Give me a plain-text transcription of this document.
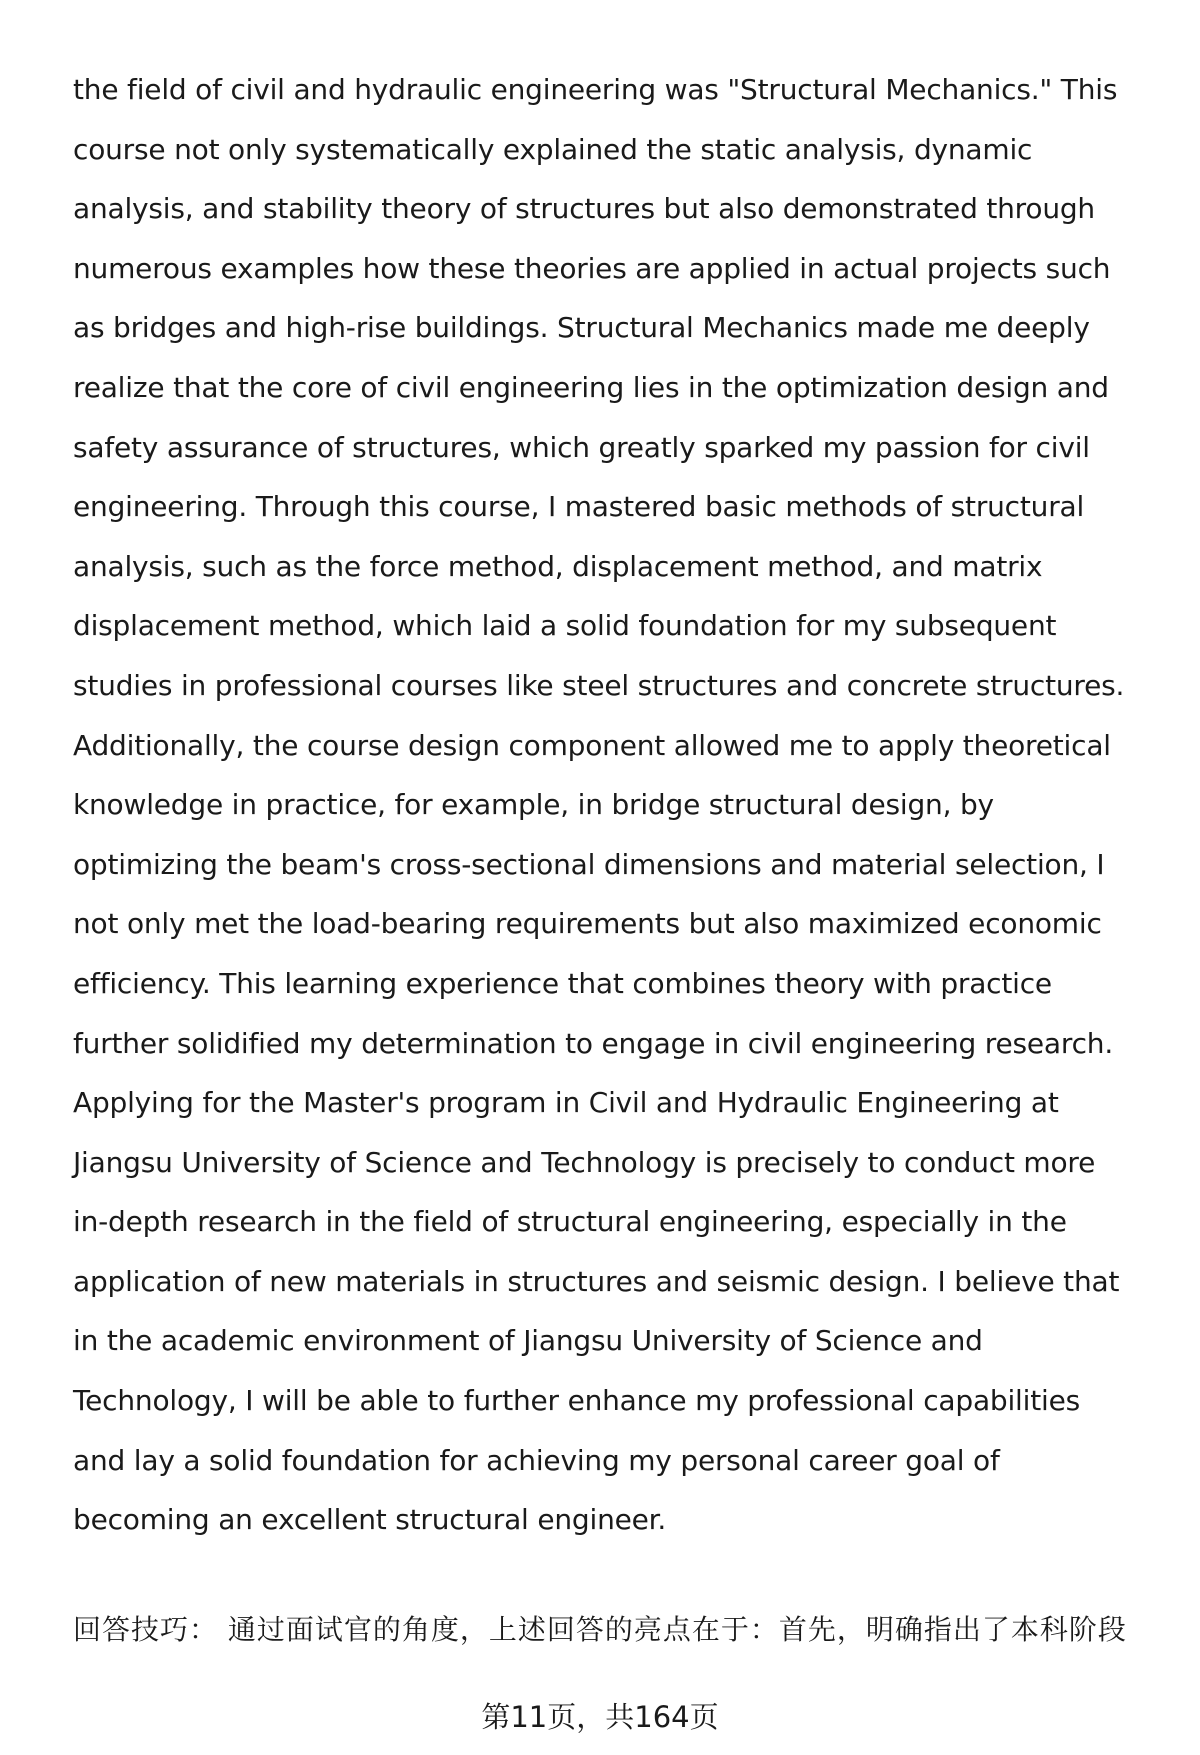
the field of civil and hydraulic engineering was "Structural Mechanics." This
course not only systematically explained the static analysis, dynamic
analysis, and stability theory of structures but also demonstrated through
numerous examples how these theories are applied in actual projects such
as bridges and high-rise buildings. Structural Mechanics made me deeply
realize that the core of civil engineering lies in the optimization design and
safety assurance of structures, which greatly sparked my passion for civil
engineering. Through this course, I mastered basic methods of structural
analysis, such as the force method, displacement method, and matrix
displacement method, which laid a solid foundation for my subsequent
studies in professional courses like steel structures and concrete structures.
Additionally, the course design component allowed me to apply theoretical
knowledge in practice, for example, in bridge structural design, by
optimizing the beam's cross-sectional dimensions and material selection, I
not only met the load-bearing requirements but also maximized economic
efficiency. This learning experience that combines theory with practice
further solidified my determination to engage in civil engineering research.
Applying for the Master's program in Civil and Hydraulic Engineering at
Jiangsu University of Science and Technology is precisely to conduct more
in-depth research in the field of structural engineering, especially in the
application of new materials in structures and seismic design. I believe that
in the academic environment of Jiangsu University of Science and
Technology, I will be able to further enhance my professional capabilities
and lay a solid foundation for achieving my personal career goal of
becoming an excellent structural engineer.
回答技巧： 通过面试官的角度，上述回答的亮点在于：首先，明确指出了本科阶段
第11页，共164页
